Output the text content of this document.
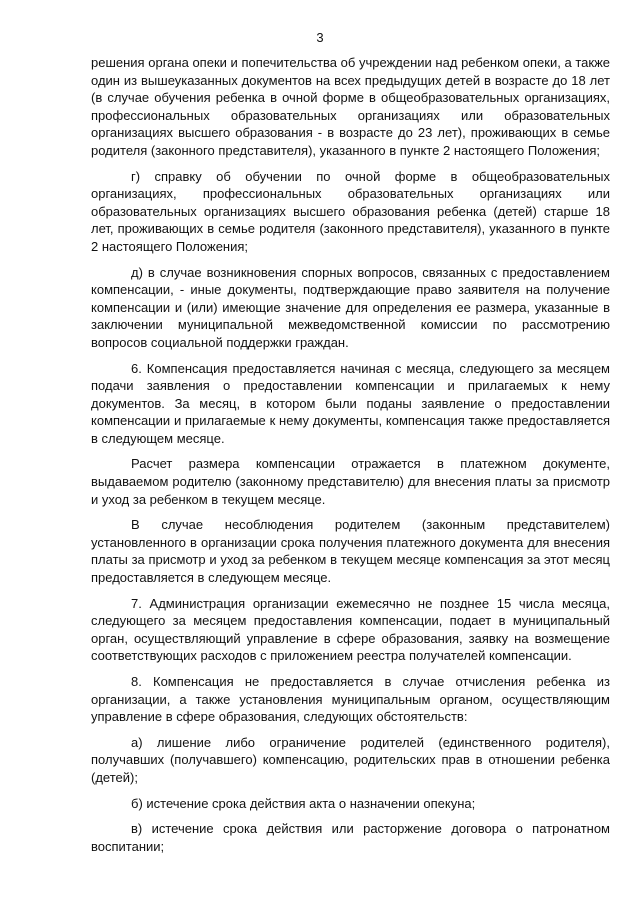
3

решения органа опеки и попечительства об учреждении над ребенком опеки, а также один из вышеуказанных документов на всех предыдущих детей в возрасте до 18 лет (в случае обучения ребенка в очной форме в общеобразовательных организациях, профессиональных образовательных организациях или образовательных организациях высшего образования - в возрасте до 23 лет), проживающих в семье родителя (законного представителя), указанного в пункте 2 настоящего Положения;

г) справку об обучении по очной форме в общеобразовательных организациях, профессиональных образовательных организациях или образовательных организациях высшего образования ребенка (детей) старше 18 лет, проживающих в семье родителя (законного представителя), указанного в пункте 2 настоящего Положения;

д) в случае возникновения спорных вопросов, связанных с предоставлением компенсации, - иные документы, подтверждающие право заявителя на получение компенсации и (или) имеющие значение для определения ее размера, указанные в заключении муниципальной межведомственной комиссии по рассмотрению вопросов социальной поддержки граждан.

6. Компенсация предоставляется начиная с месяца, следующего за месяцем подачи заявления о предоставлении компенсации и прилагаемых к нему документов. За месяц, в котором были поданы заявление о предоставлении компенсации и прилагаемые к нему документы, компенсация также предоставляется в следующем месяце.

Расчет размера компенсации отражается в платежном документе, выдаваемом родителю (законному представителю) для внесения платы за присмотр и уход за ребенком в текущем месяце.

В случае несоблюдения родителем (законным представителем) установленного в организации срока получения платежного документа для внесения платы за присмотр и уход за ребенком в текущем месяце компенсация за этот месяц предоставляется в следующем месяце.

7. Администрация организации ежемесячно не позднее 15 числа месяца, следующего за месяцем предоставления компенсации, подает в муниципальный орган, осуществляющий управление в сфере образования, заявку на возмещение соответствующих расходов с приложением реестра получателей компенсации.

8. Компенсация не предоставляется в случае отчисления ребенка из организации, а также установления муниципальным органом, осуществляющим управление в сфере образования, следующих обстоятельств:

а) лишение либо ограничение родителей (единственного родителя), получавших (получавшего) компенсацию, родительских прав в отношении ребенка (детей);

б) истечение срока действия акта о назначении опекуна;

в) истечение срока действия или расторжение договора о патронатном воспитании;
